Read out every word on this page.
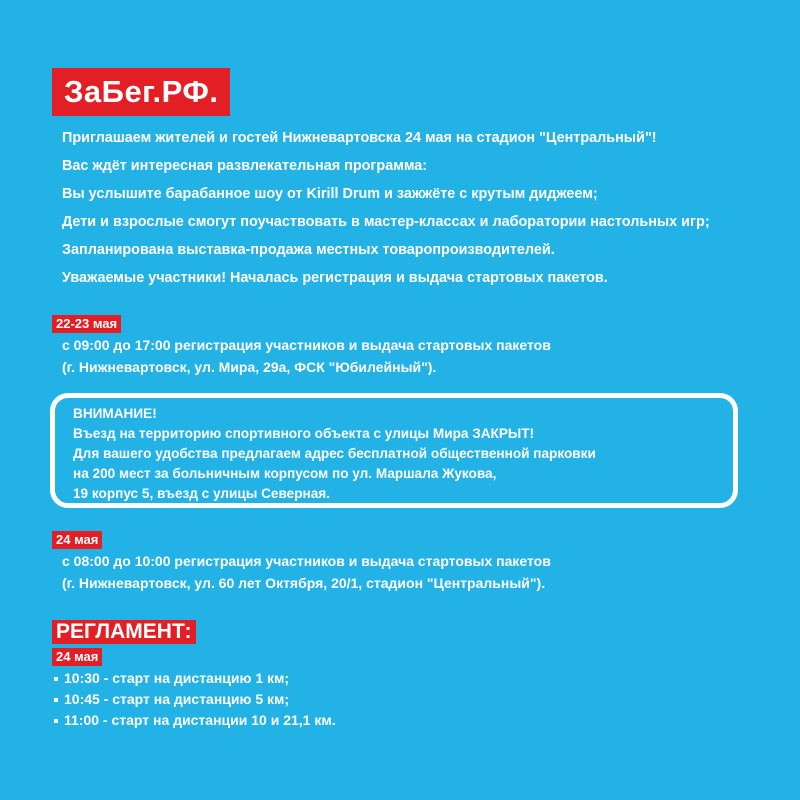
ЗаБег.РФ.
Приглашаем жителей и гостей Нижневартовска 24 мая на стадион "Центральный"!
Вас ждёт интересная развлекательная программа:
Вы услышите барабанное шоу от Kirill Drum и зажжёте с крутым диджеем;
Дети и взрослые смогут поучаствовать в мастер-классах и лаборатории настольных игр;
Запланирована выставка-продажа местных товаропроизводителей.
Уважаемые участники! Началась регистрация и выдача стартовых пакетов.
22-23 мая
с 09:00 до 17:00 регистрация участников и выдача стартовых пакетов
(г. Нижневартовск, ул. Мира, 29а, ФСК "Юбилейный").
ВНИМАНИЕ!
Въезд на территорию спортивного объекта с улицы Мира ЗАКРЫТ!
Для вашего удобства предлагаем адрес бесплатной общественной парковки
на 200 мест за больничным корпусом по ул. Маршала Жукова,
19 корпус 5, въезд с улицы Северная.
24 мая
с 08:00 до 10:00 регистрация участников и выдача стартовых пакетов
(г. Нижневартовск, ул. 60 лет Октября, 20/1, стадион "Центральный").
РЕГЛАМЕНТ:
24 мая
10:30 - старт на дистанцию 1 км;
10:45 - старт на дистанцию 5 км;
11:00 - старт на дистанции 10 и 21,1 км.
